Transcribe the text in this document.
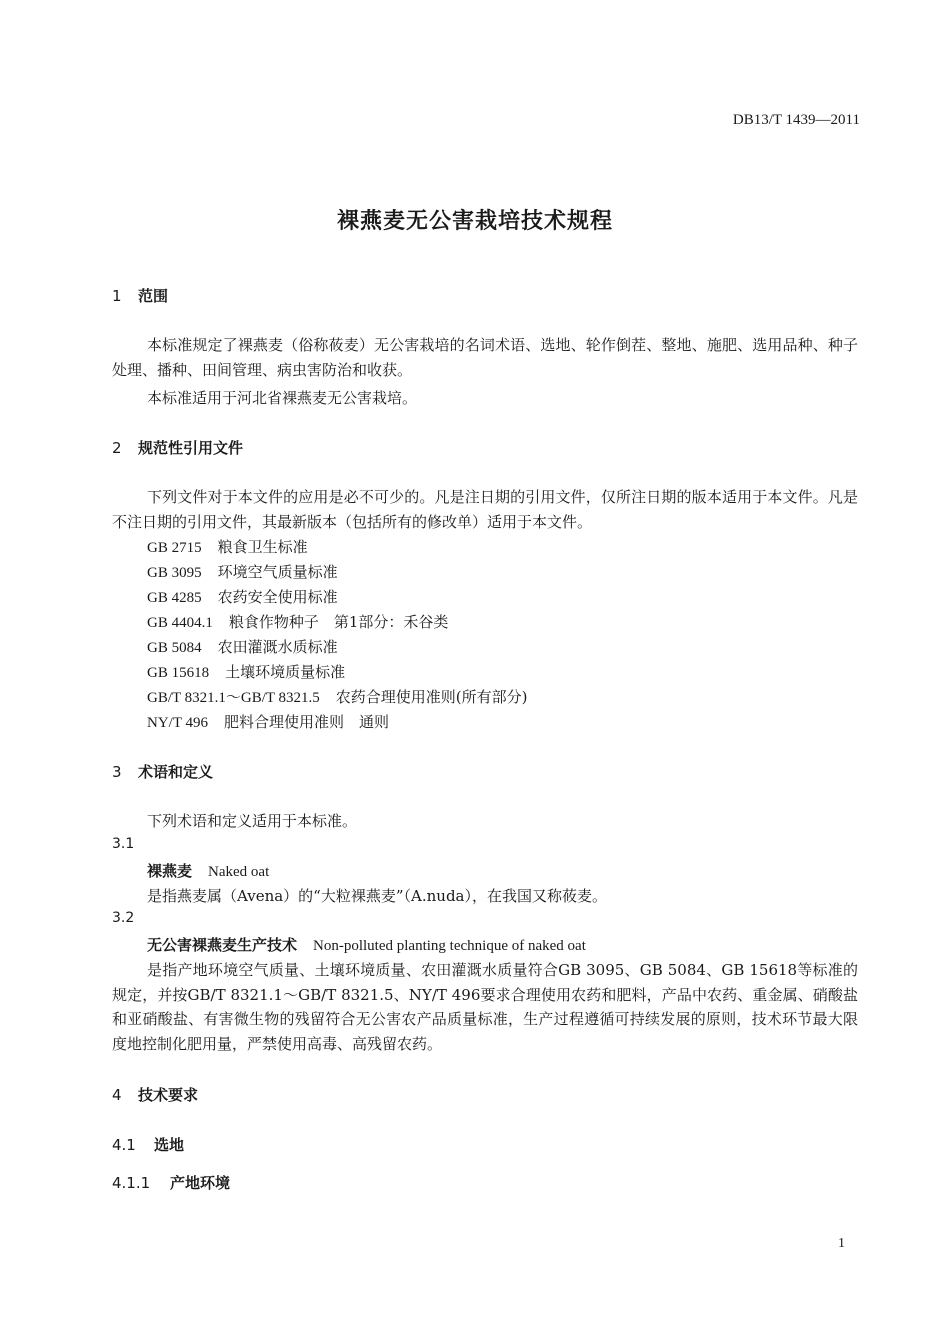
DB13/T 1439—2011
裸燕麦无公害栽培技术规程
1 范围
本标准规定了裸燕麦（俗称莜麦）无公害栽培的名词术语、选地、轮作倒茬、整地、施肥、选用品种、种子处理、播种、田间管理、病虫害防治和收获。
本标准适用于河北省裸燕麦无公害栽培。
2 规范性引用文件
下列文件对于本文件的应用是必不可少的。凡是注日期的引用文件，仅所注日期的版本适用于本文件。凡是不注日期的引用文件，其最新版本（包括所有的修改单）适用于本文件。
GB 2715 粮食卫生标准
GB 3095 环境空气质量标准
GB 4285 农药安全使用标准
GB 4404.1 粮食作物种子　第1部分：禾谷类
GB 5084 农田灌溉水质标准
GB 15618 土壤环境质量标准
GB/T 8321.1～GB/T 8321.5 农药合理使用准则(所有部分)
NY/T 496 肥料合理使用准则　通则
3 术语和定义
下列术语和定义适用于本标准。
3.1
裸燕麦 Naked oat
是指燕麦属（Avena）的“大粒裸燕麦”（A.nuda），在我国又称莜麦。
3.2
无公害裸燕麦生产技术 Non-polluted planting technique of naked oat
是指产地环境空气质量、土壤环境质量、农田灌溉水质量符合GB 3095、GB 5084、GB 15618等标准的规定，并按GB/T 8321.1～GB/T 8321.5、NY/T 496要求合理使用农药和肥料，产品中农药、重金属、硝酸盐和亚硝酸盐、有害微生物的残留符合无公害农产品质量标准，生产过程遵循可持续发展的原则，技术环节最大限度地控制化肥用量，严禁使用高毒、高残留农药。
4 技术要求
4.1 选地
4.1.1 产地环境
1
